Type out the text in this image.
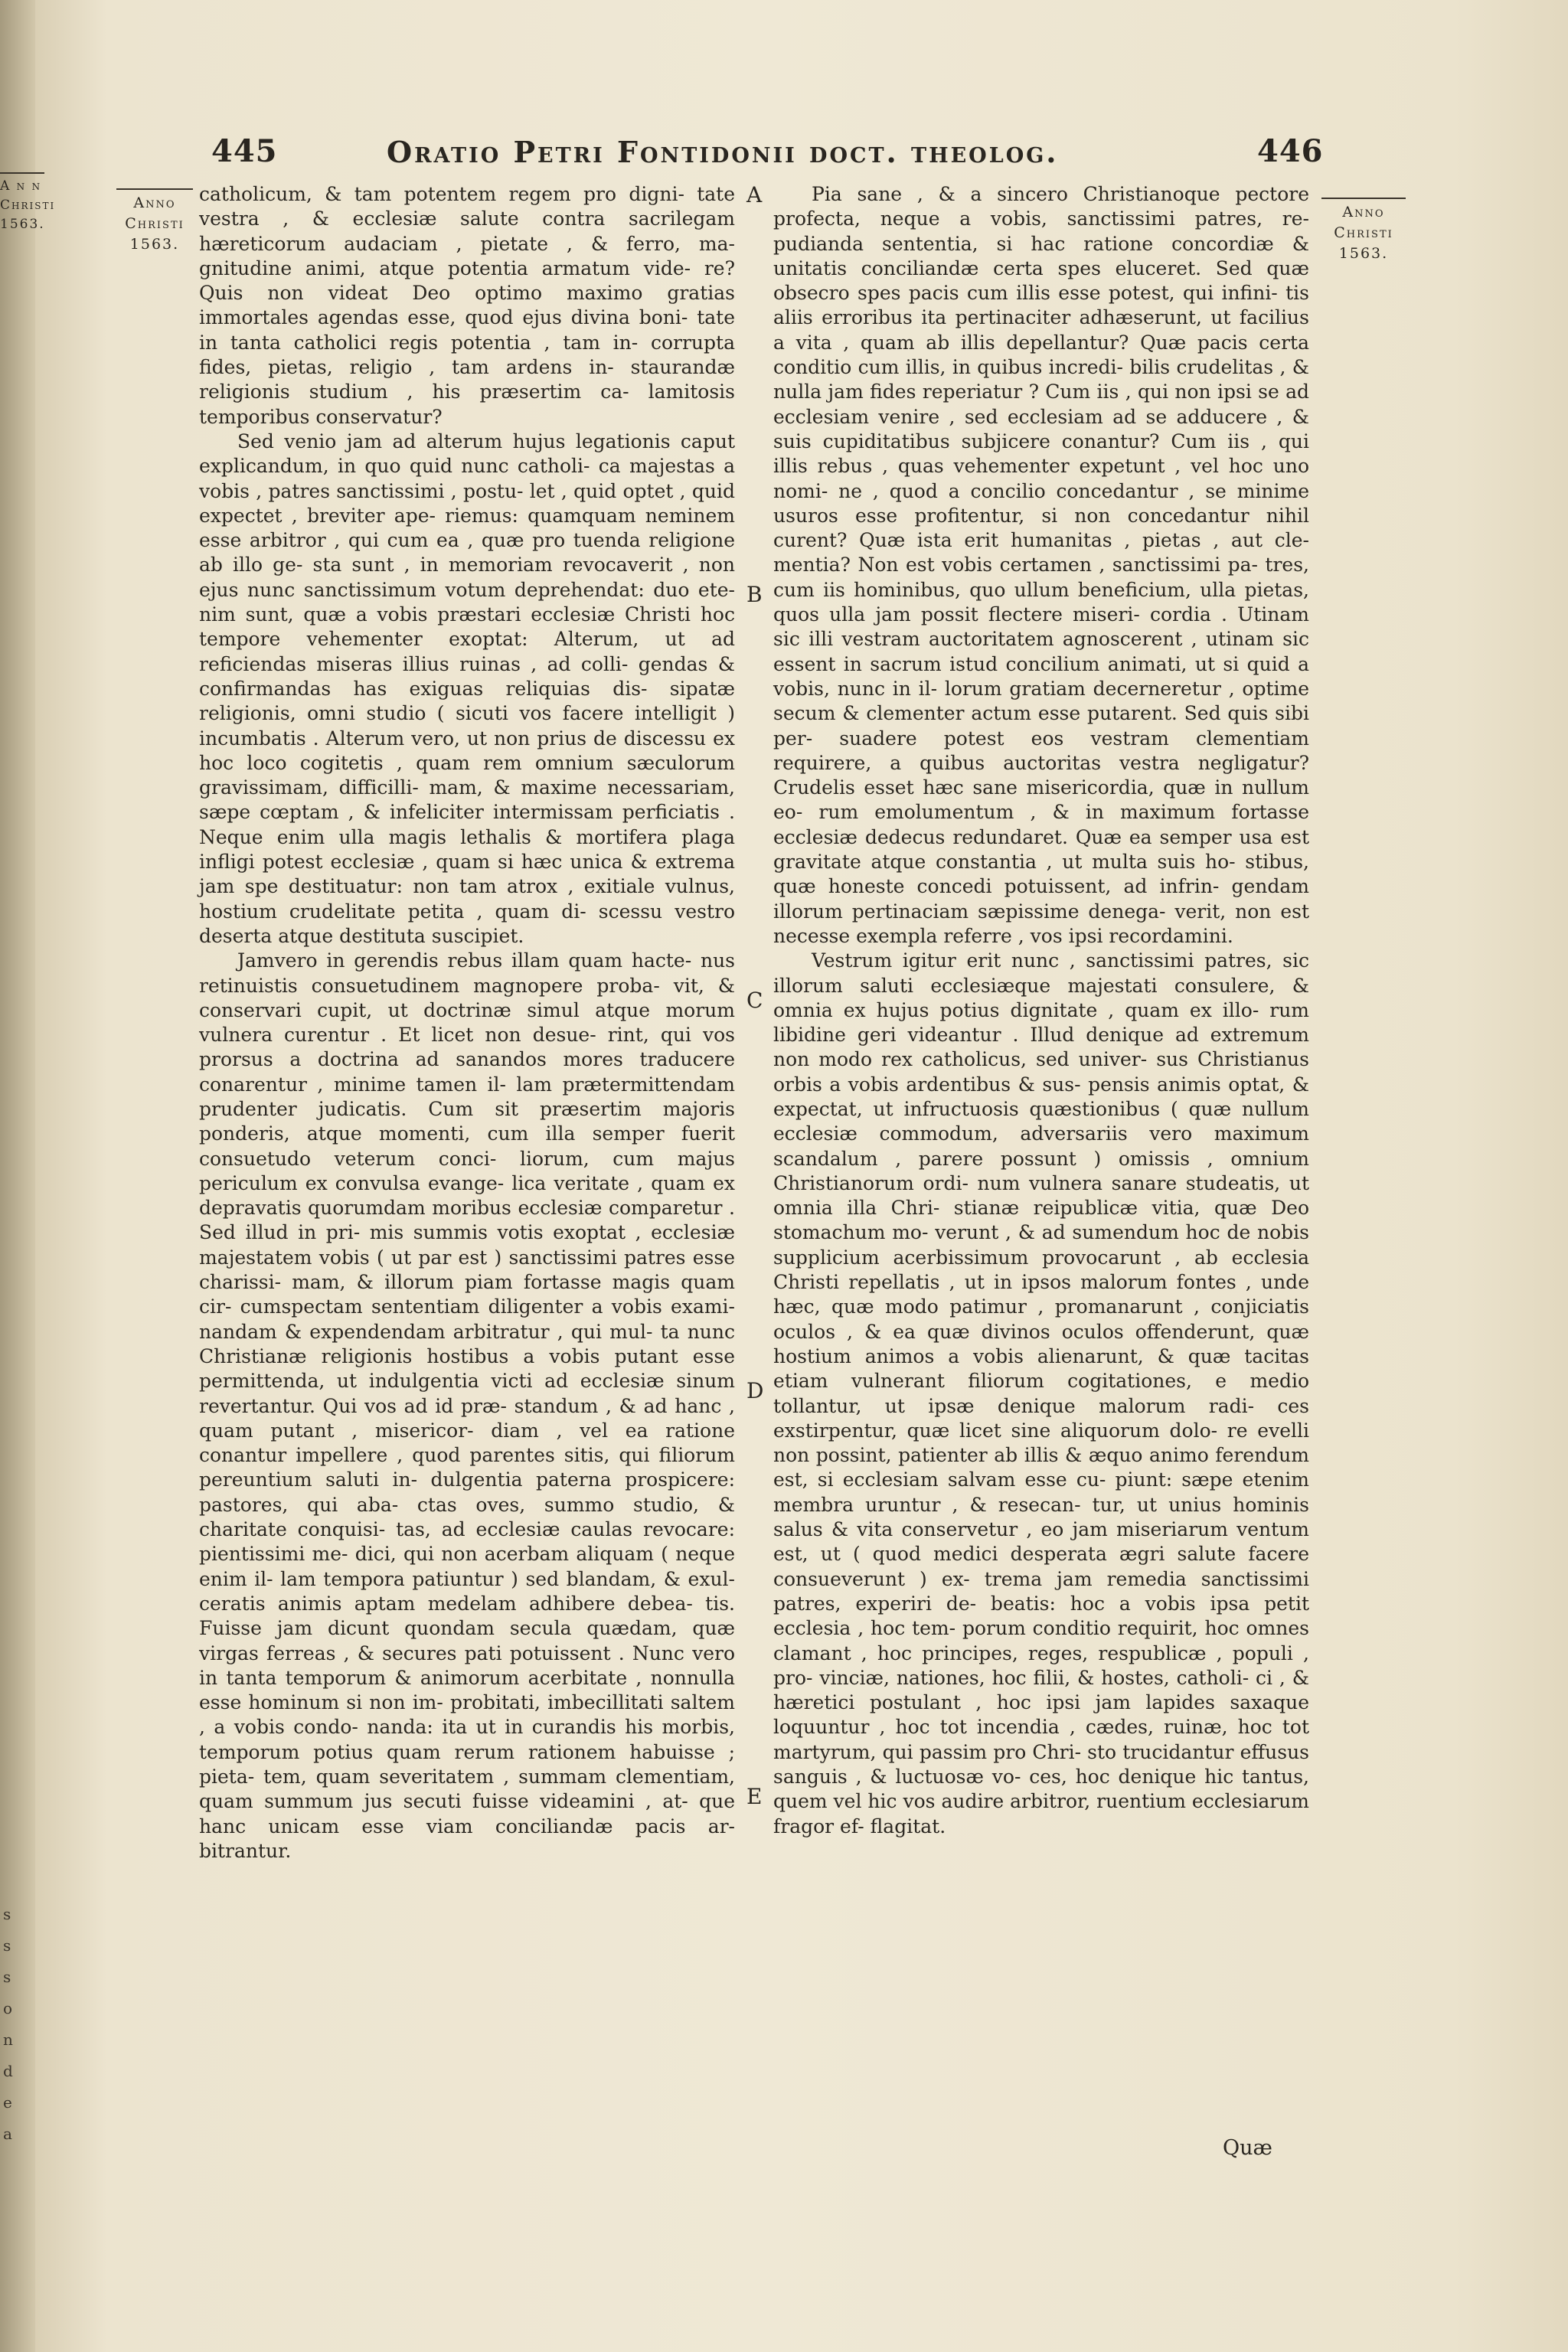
A n n
Christi
1563.
s
s
s
o
n
d
e
a
445	Oratio Petri Fontidonii doct. theolog.	446
Anno
Christi
1563.
Anno
Christi
1563.

catholicum, & tam potentem regem pro digni- tate vestra , & ecclesiæ salute contra sacrilegam hæreticorum audaciam , pietate , & ferro, ma- gnitudine animi, atque potentia armatum vide- re? Quis non videat Deo optimo maximo gratias immortales agendas esse, quod ejus divina boni- tate in tanta catholici regis potentia , tam in- corrupta fides, pietas, religio , tam ardens in- staurandæ religionis studium , his præsertim ca- lamitosis temporibus conservatur?

Sed venio jam ad alterum hujus legationis caput explicandum, in quo quid nunc catholi- ca majestas a vobis , patres sanctissimi , postu- let , quid optet , quid expectet , breviter ape- riemus: quamquam neminem esse arbitror , qui cum ea , quæ pro tuenda religione ab illo ge- sta sunt , in memoriam revocaverit , non ejus nunc sanctissimum votum deprehendat: duo ete- nim sunt, quæ a vobis præstari ecclesiæ Christi hoc tempore vehementer exoptat: Alterum, ut ad reficiendas miseras illius ruinas , ad colli- gendas & confirmandas has exiguas reliquias dis- sipatæ religionis, omni studio ( sicuti vos facere intelligit ) incumbatis . Alterum vero, ut non prius de discessu ex hoc loco cogitetis , quam rem omnium sæculorum gravissimam, difficilli- mam, & maxime necessariam, sæpe cœptam , & infeliciter intermissam perficiatis . Neque enim ulla magis lethalis & mortifera plaga infligi potest ecclesiæ , quam si hæc unica & extrema jam spe destituatur: non tam atrox , exitiale vulnus, hostium crudelitate petita , quam di- scessu vestro deserta atque destituta suscipiet.

Jamvero in gerendis rebus illam quam hacte- nus retinuistis consuetudinem magnopere proba- vit, & conservari cupit, ut doctrinæ simul atque morum vulnera curentur . Et licet non desue- rint, qui vos prorsus a doctrina ad sanandos mores traducere conarentur , minime tamen il- lam prætermittendam prudenter judicatis. Cum sit præsertim majoris ponderis, atque momenti, cum illa semper fuerit consuetudo veterum conci- liorum, cum majus periculum ex convulsa evange- lica veritate , quam ex depravatis quorumdam moribus ecclesiæ comparetur . Sed illud in pri- mis summis votis exoptat , ecclesiæ majestatem vobis ( ut par est ) sanctissimi patres esse charissi- mam, & illorum piam fortasse magis quam cir- cumspectam sententiam diligenter a vobis exami- nandam & expendendam arbitratur , qui mul- ta nunc Christianæ religionis hostibus a vobis putant esse permittenda, ut indulgentia victi ad ecclesiæ sinum revertantur. Qui vos ad id præ- standum , & ad hanc , quam putant , misericor- diam , vel ea ratione conantur impellere , quod parentes sitis, qui filiorum pereuntium saluti in- dulgentia paterna prospicere: pastores, qui aba- ctas oves, summo studio, & charitate conquisi- tas, ad ecclesiæ caulas revocare: pientissimi me- dici, qui non acerbam aliquam ( neque enim il- lam tempora patiuntur ) sed blandam, & exul- ceratis animis aptam medelam adhibere debea- tis. Fuisse jam dicunt quondam secula quædam, quæ virgas ferreas , & secures pati potuissent . Nunc vero in tanta temporum & animorum acerbitate , nonnulla esse hominum si non im- probitati, imbecillitati saltem , a vobis condo- nanda: ita ut in curandis his morbis, temporum potius quam rerum rationem habuisse ; pieta- tem, quam severitatem , summam clementiam, quam summum jus secuti fuisse videamini , at- que hanc unicam esse viam conciliandæ pacis ar- bitrantur.

A
B
C
D
E

Pia sane , & a sincero Christianoque pectore profecta, neque a vobis, sanctissimi patres, re- pudianda sententia, si hac ratione concordiæ & unitatis conciliandæ certa spes eluceret. Sed quæ obsecro spes pacis cum illis esse potest, qui infini- tis aliis erroribus ita pertinaciter adhæserunt, ut facilius a vita , quam ab illis depellantur? Quæ pacis certa conditio cum illis, in quibus incredi- bilis crudelitas , & nulla jam fides reperiatur ? Cum iis , qui non ipsi se ad ecclesiam venire , sed ecclesiam ad se adducere , & suis cupiditatibus subjicere conantur? Cum iis , qui illis rebus , quas vehementer expetunt , vel hoc uno nomi- ne , quod a concilio concedantur , se minime usuros esse profitentur, si non concedantur nihil curent? Quæ ista erit humanitas , pietas , aut cle- mentia? Non est vobis certamen , sanctissimi pa- tres, cum iis hominibus, quo ullum beneficium, ulla pietas, quos ulla jam possit flectere miseri- cordia . Utinam sic illi vestram auctoritatem agnoscerent , utinam sic essent in sacrum istud concilium animati, ut si quid a vobis, nunc in il- lorum gratiam decerneretur , optime secum & clementer actum esse putarent. Sed quis sibi per- suadere potest eos vestram clementiam requirere, a quibus auctoritas vestra negligatur? Crudelis esset hæc sane misericordia, quæ in nullum eo- rum emolumentum , & in maximum fortasse ecclesiæ dedecus redundaret. Quæ ea semper usa est gravitate atque constantia , ut multa suis ho- stibus, quæ honeste concedi potuissent, ad infrin- gendam illorum pertinaciam sæpissime denega- verit, non est necesse exempla referre , vos ipsi recordamini.

Vestrum igitur erit nunc , sanctissimi patres, sic illorum saluti ecclesiæque majestati consulere, & omnia ex hujus potius dignitate , quam ex illo- rum libidine geri videantur . Illud denique ad extremum non modo rex catholicus, sed univer- sus Christianus orbis a vobis ardentibus & sus- pensis animis optat, & expectat, ut infructuosis quæstionibus ( quæ nullum ecclesiæ commodum, adversariis vero maximum scandalum , parere possunt ) omissis , omnium Christianorum ordi- num vulnera sanare studeatis, ut omnia illa Chri- stianæ reipublicæ vitia, quæ Deo stomachum mo- verunt , & ad sumendum hoc de nobis supplicium acerbissimum provocarunt , ab ecclesia Christi repellatis , ut in ipsos malorum fontes , unde hæc, quæ modo patimur , promanarunt , conjiciatis oculos , & ea quæ divinos oculos offenderunt, quæ hostium animos a vobis alienarunt, & quæ tacitas etiam vulnerant filiorum cogitationes, e medio tollantur, ut ipsæ denique malorum radi- ces exstirpentur, quæ licet sine aliquorum dolo- re evelli non possint, patienter ab illis & æquo animo ferendum est, si ecclesiam salvam esse cu- piunt: sæpe etenim membra uruntur , & resecan- tur, ut unius hominis salus & vita conservetur , eo jam miseriarum ventum est, ut ( quod medici desperata ægri salute facere consueverunt ) ex- trema jam remedia sanctissimi patres, experiri de- beatis: hoc a vobis ipsa petit ecclesia , hoc tem- porum conditio requirit, hoc omnes clamant , hoc principes, reges, respublicæ , populi , pro- vinciæ, nationes, hoc filii, & hostes, catholi- ci , & hæretici postulant , hoc ipsi jam lapides saxaque loquuntur , hoc tot incendia , cædes, ruinæ, hoc tot martyrum, qui passim pro Chri- sto trucidantur effusus sanguis , & luctuosæ vo- ces, hoc denique hic tantus, quem vel hic vos audire arbitror, ruentium ecclesiarum fragor ef- flagitat.

Quæ
